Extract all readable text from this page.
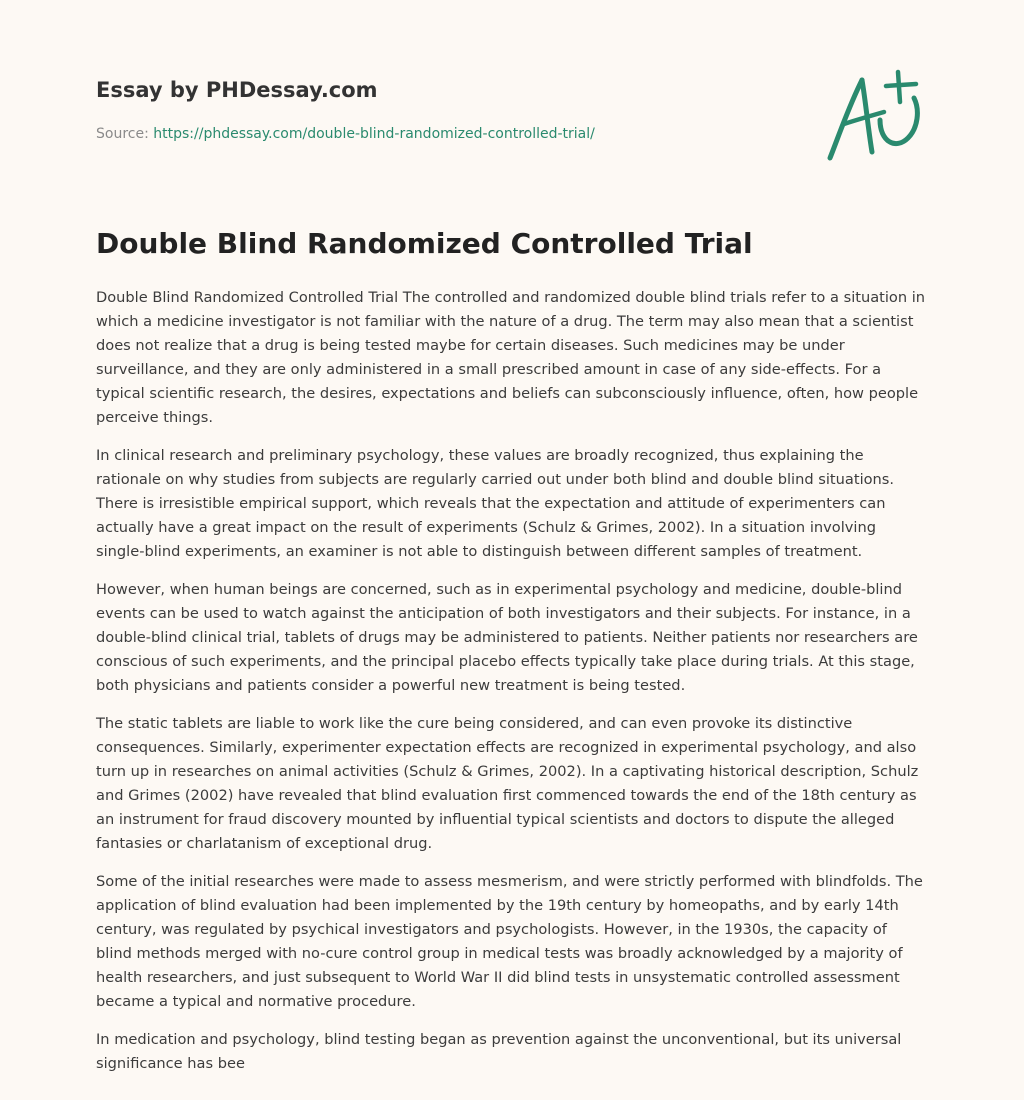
Essay by PHDessay.com
Source: https://phdessay.com/double-blind-randomized-controlled-trial/
Double Blind Randomized Controlled Trial

Double Blind Randomized Controlled Trial The controlled and randomized double blind trials refer to a situation in which a medicine investigator is not familiar with the nature of a drug. The term may also mean that a scientist does not realize that a drug is being tested maybe for certain diseases. Such medicines may be under surveillance, and they are only administered in a small prescribed amount in case of any side-effects. For a typical scientific research, the desires, expectations and beliefs can subconsciously influence, often, how people perceive things.

In clinical research and preliminary psychology, these values are broadly recognized, thus explaining the rationale on why studies from subjects are regularly carried out under both blind and double blind situations. There is irresistible empirical support, which reveals that the expectation and attitude of experimenters can actually have a great impact on the result of experiments (Schulz & Grimes, 2002). In a situation involving single-blind experiments, an examiner is not able to distinguish between different samples of treatment.

However, when human beings are concerned, such as in experimental psychology and medicine, double-blind events can be used to watch against the anticipation of both investigators and their subjects. For instance, in a double-blind clinical trial, tablets of drugs may be administered to patients. Neither patients nor researchers are conscious of such experiments, and the principal placebo effects typically take place during trials. At this stage, both physicians and patients consider a powerful new treatment is being tested.

The static tablets are liable to work like the cure being considered, and can even provoke its distinctive consequences. Similarly, experimenter expectation effects are recognized in experimental psychology, and also turn up in researches on animal activities (Schulz & Grimes, 2002). In a captivating historical description, Schulz and Grimes (2002) have revealed that blind evaluation first commenced towards the end of the 18th century as an instrument for fraud discovery mounted by influential typical scientists and doctors to dispute the alleged fantasies or charlatanism of exceptional drug.

Some of the initial researches were made to assess mesmerism, and were strictly performed with blindfolds. The application of blind evaluation had been implemented by the 19th century by homeopaths, and by early 14th century, was regulated by psychical investigators and psychologists. However, in the 1930s, the capacity of blind methods merged with no-cure control group in medical tests was broadly acknowledged by a majority of health researchers, and just subsequent to World War II did blind tests in unsystematic controlled assessment became a typical and normative procedure.

In medication and psychology, blind testing began as prevention against the unconventional, but its universal significance has bee
